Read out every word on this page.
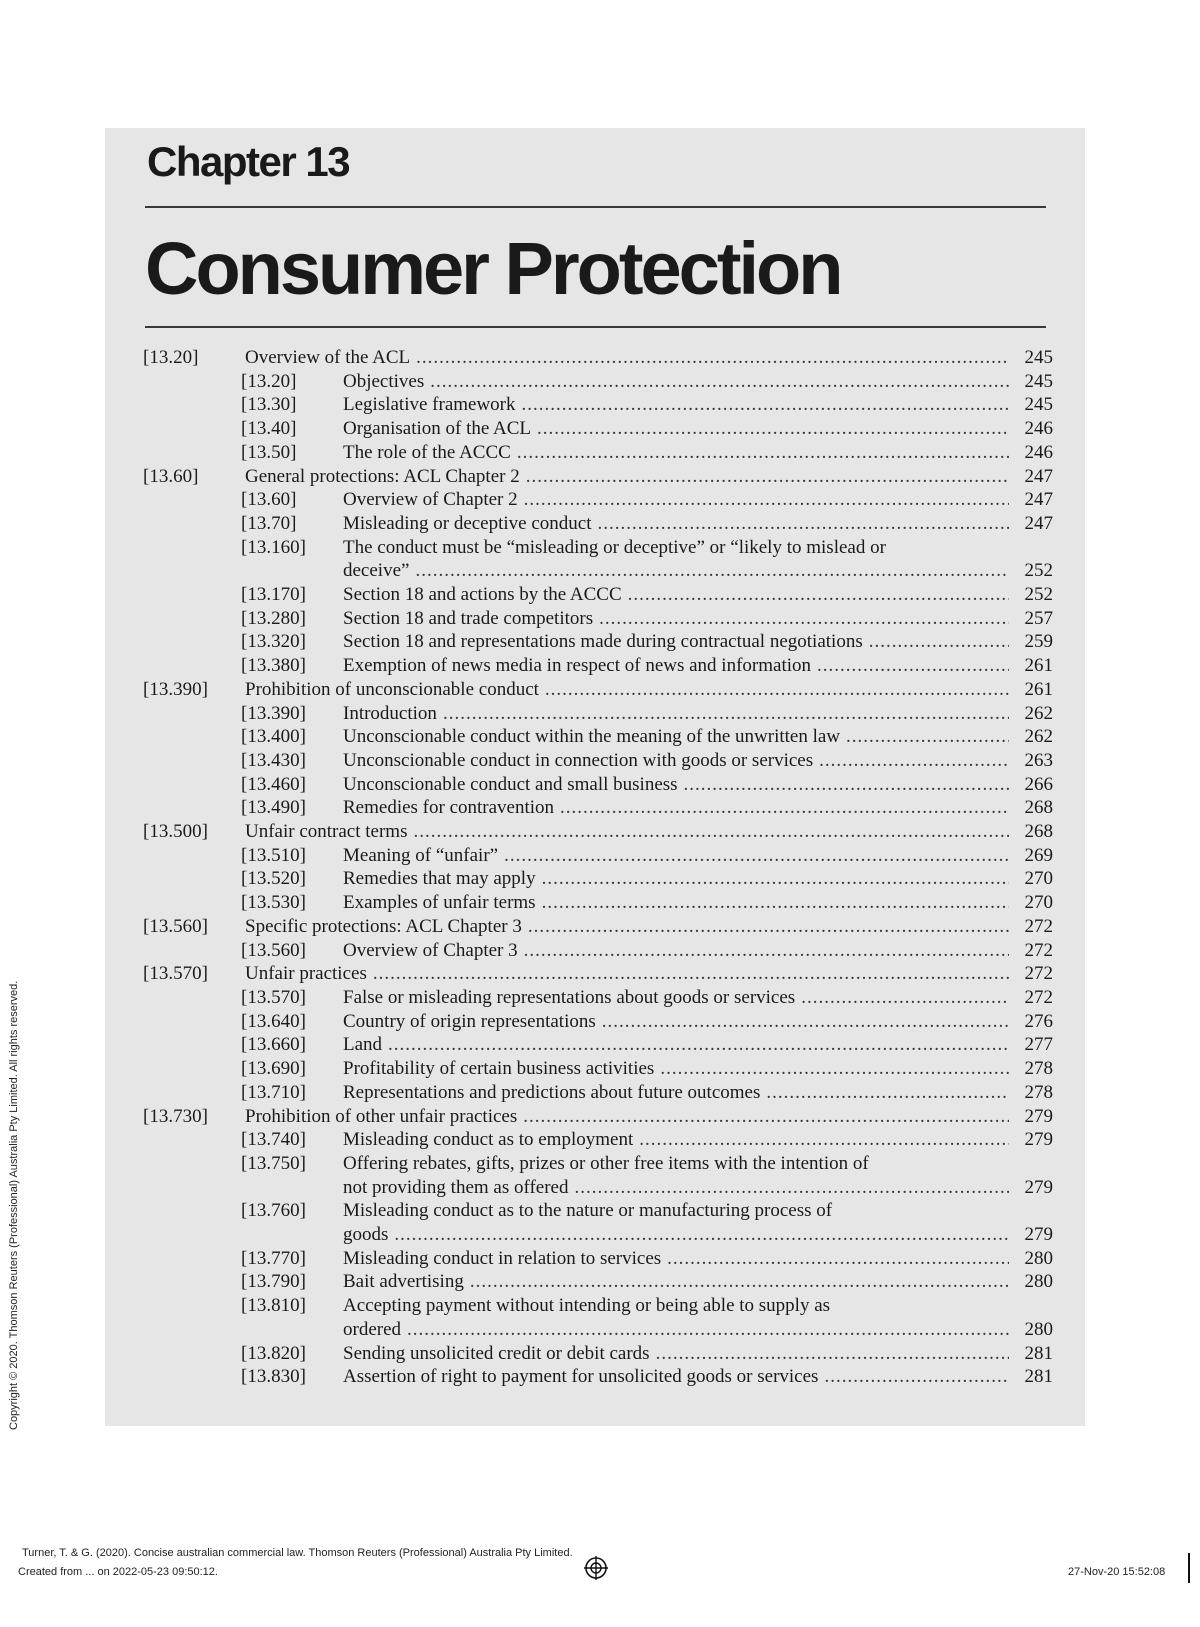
Chapter 13
Consumer Protection
[13.20] Overview of the ACL .....	245
[13.20] Objectives .....	245
[13.30] Legislative framework .....	245
[13.40] Organisation of the ACL .....	246
[13.50] The role of the ACCC .....	246
[13.60] General protections: ACL Chapter 2 .....	247
[13.60] Overview of Chapter 2 .....	247
[13.70] Misleading or deceptive conduct .....	247
[13.160] The conduct must be “misleading or deceptive” or “likely to mislead or
deceive” .....	252
[13.170] Section 18 and actions by the ACCC .....	252
[13.280] Section 18 and trade competitors .....	257
[13.320] Section 18 and representations made during contractual negotiations .....	259
[13.380] Exemption of news media in respect of news and information .....	261
[13.390] Prohibition of unconscionable conduct .....	261
[13.390] Introduction .....	262
[13.400] Unconscionable conduct within the meaning of the unwritten law .....	262
[13.430] Unconscionable conduct in connection with goods or services .....	263
[13.460] Unconscionable conduct and small business .....	266
[13.490] Remedies for contravention .....	268
[13.500] Unfair contract terms .....	268
[13.510] Meaning of “unfair” .....	269
[13.520] Remedies that may apply .....	270
[13.530] Examples of unfair terms .....	270
[13.560] Specific protections: ACL Chapter 3 .....	272
[13.560] Overview of Chapter 3 .....	272
[13.570] Unfair practices .....	272
[13.570] False or misleading representations about goods or services .....	272
[13.640] Country of origin representations .....	276
[13.660] Land .....	277
[13.690] Profitability of certain business activities .....	278
[13.710] Representations and predictions about future outcomes .....	278
[13.730] Prohibition of other unfair practices .....	279
[13.740] Misleading conduct as to employment .....	279
[13.750] Offering rebates, gifts, prizes or other free items with the intention of
not providing them as offered .....	279
[13.760] Misleading conduct as to the nature or manufacturing process of
goods .....	279
[13.770] Misleading conduct in relation to services .....	280
[13.790] Bait advertising .....	280
[13.810] Accepting payment without intending or being able to supply as
ordered .....	280
[13.820] Sending unsolicited credit or debit cards .....	281
[13.830] Assertion of right to payment for unsolicited goods or services .....	281
Copyright © 2020. Thomson Reuters (Professional) Australia Pty Limited. All rights reserved.
Turner, T. & G. (2020). Concise australian commercial law. Thomson Reuters (Professional) Australia Pty Limited.
Created from ... on 2022-05-23 09:50:12.	27-Nov-20 15:52:08
